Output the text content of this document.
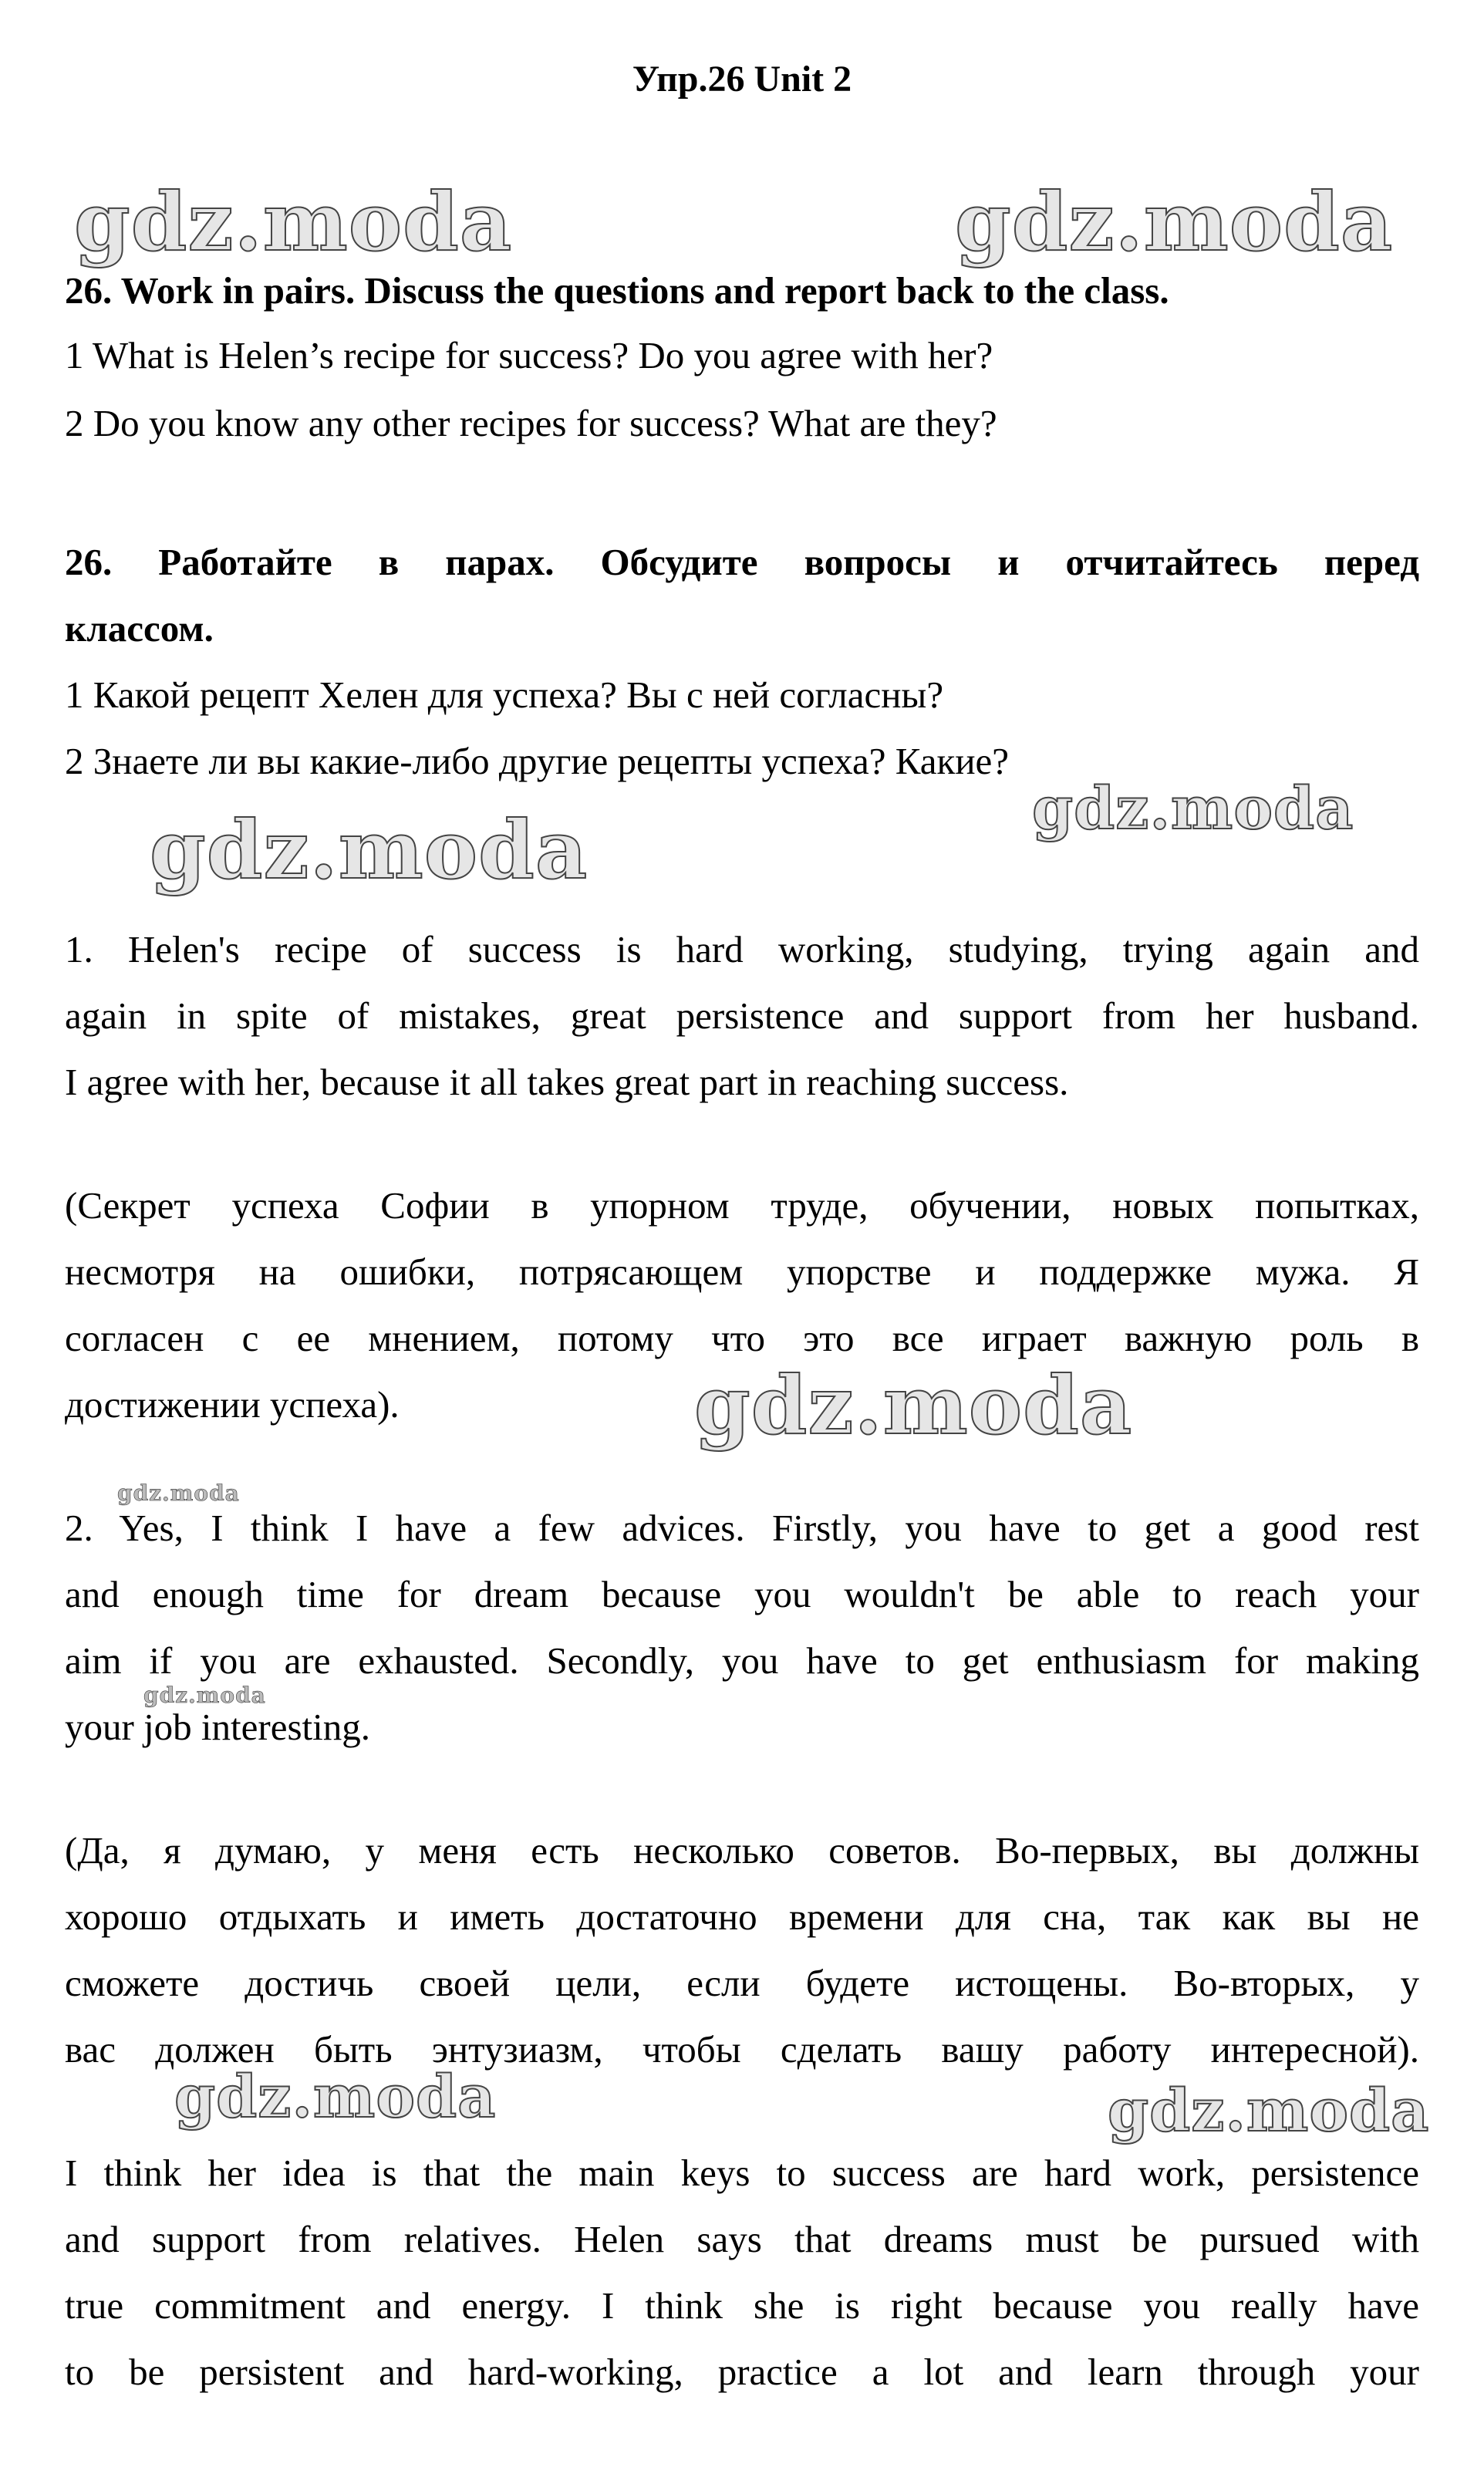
Упр.26 Unit 2
gdz.moda	gdz.moda
gdz.moda
gdz.moda
gdz.moda
gdz.moda
gdz.moda
gdz.moda	gdz.moda
26. Work in pairs. Discuss the questions and report back to the class.
1 What is Helen’s recipe for success? Do you agree with her?
2 Do you know any other recipes for success? What are they?
26. Работайте в парах. Обсудите вопросы и отчитайтесь перед
классом.
1 Какой рецепт Хелен для успеха? Вы с ней согласны?
2 Знаете ли вы какие-либо другие рецепты успеха? Какие?
1. Helen's recipe of success is hard working, studying, trying again and
again in spite of mistakes, great persistence and support from her husband.
I agree with her, because it all takes great part in reaching success.
(Секрет успеха Софии в упорном труде, обучении, новых попытках,
несмотря на ошибки, потрясающем упорстве и поддержке мужа. Я
согласен с ее мнением, потому что это все играет важную роль в
достижении успеха).
2. Yes, I think I have a few advices. Firstly, you have to get a good rest
and enough time for dream because you wouldn't be able to reach your
aim if you are exhausted. Secondly, you have to get enthusiasm for making
your job interesting.
(Да, я думаю, у меня есть несколько советов. Во-первых, вы должны
хорошо отдыхать и иметь достаточно времени для сна, так как вы не
сможете достичь своей цели, если будете истощены. Во-вторых, у
вас должен быть энтузиазм, чтобы сделать вашу работу интересной).
I think her idea is that the main keys to success are hard work, persistence
and support from relatives. Helen says that dreams must be pursued with
true commitment and energy. I think she is right because you really have
to be persistent and hard-working, practice a lot and learn through your
